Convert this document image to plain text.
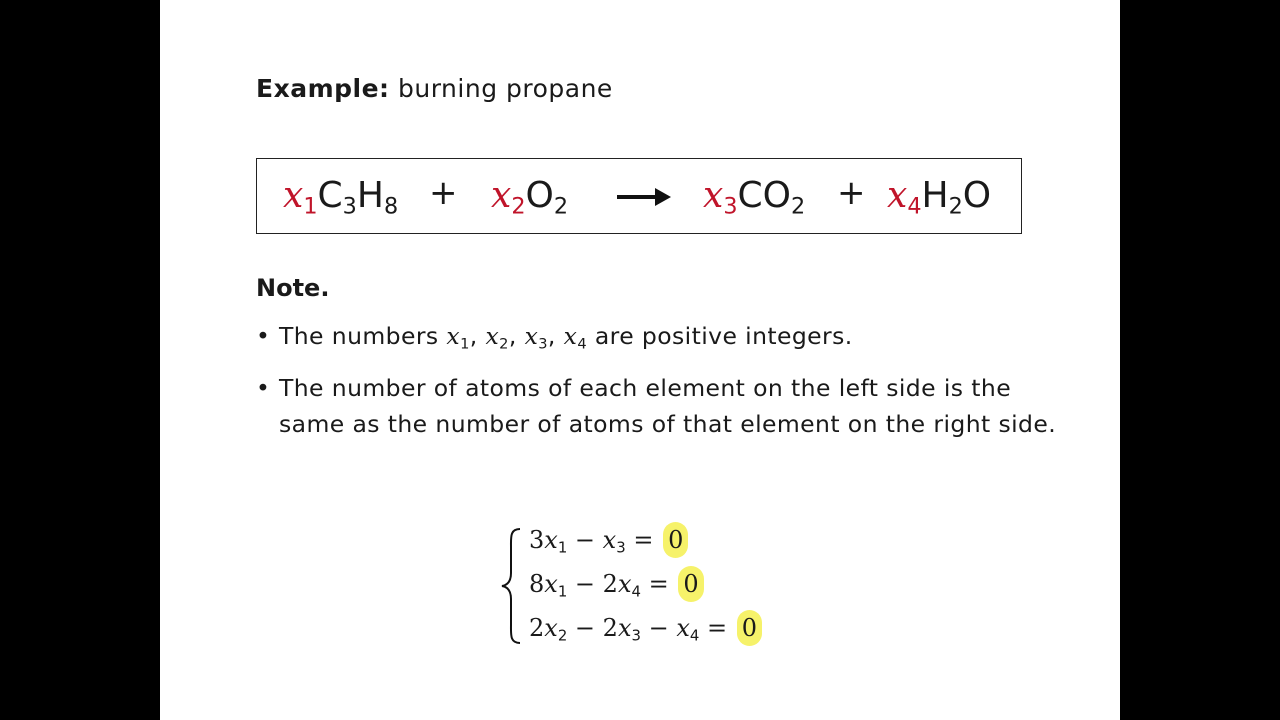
Example: burning propane
$x_1C_3H_8 + x_2O_2$	$x_3CO_2 + x_4H_2O$
Note.
• The numbers $x_1$, $x_2$, $x_3$, $x_4$ are positive integers.
• The number of atoms of each element on the left side is the
same as the number of atoms of that element on the right side.
$3x_1 - x_3 = 0$
$8x_1 - 2x_4 = 0$
$2x_2 - 2x_3 - x_4 = 0$
